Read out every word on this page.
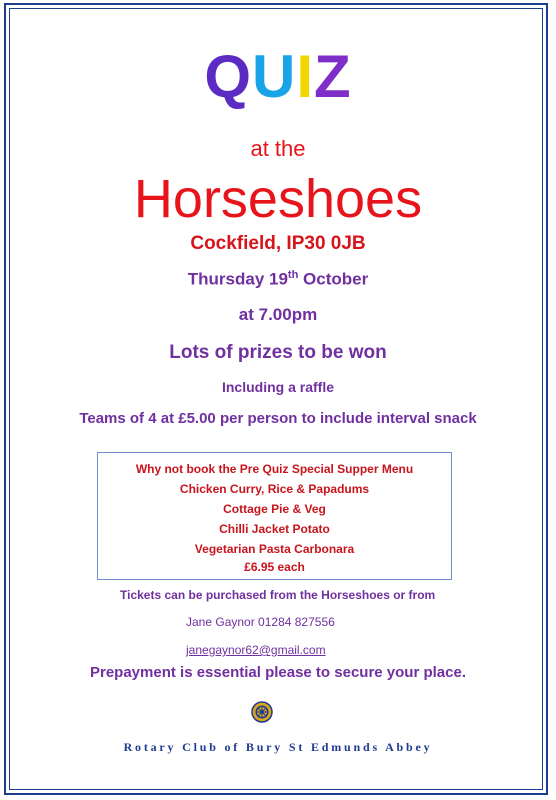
QUIZ
at the
Horseshoes
Cockfield, IP30 0JB
Thursday 19th October
at 7.00pm
Lots of prizes to be won
Including a raffle
Teams of 4 at £5.00 per person to include interval snack
Why not book the Pre Quiz Special Supper Menu
Chicken Curry, Rice & Papadums
Cottage Pie & Veg
Chilli Jacket Potato
Vegetarian Pasta Carbonara
£6.95 each
Tickets can be purchased from the Horseshoes or from
Jane Gaynor 01284 827556
janegaynor62@gmail.com
Prepayment is essential please to secure your place.
Rotary Club of Bury St Edmunds Abbey
